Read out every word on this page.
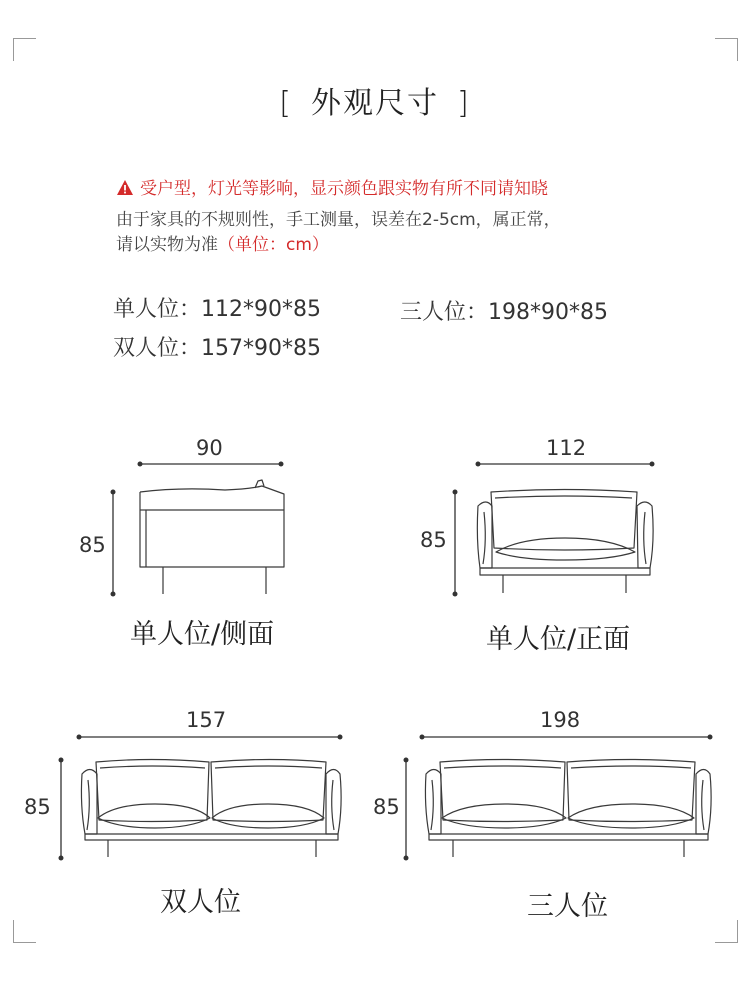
[ 外观尺寸 ]
受户型，灯光等影响，显示颜色跟实物有所不同请知晓
由于家具的不规则性，手工测量，误差在2-5cm，属正常，
请以实物为准（单位：cm）
单人位：112*90*85
双人位：157*90*85
三人位：198*90*85
90
85
单人位/侧面
112
85
单人位/正面
157
85
双人位
198
85
三人位
